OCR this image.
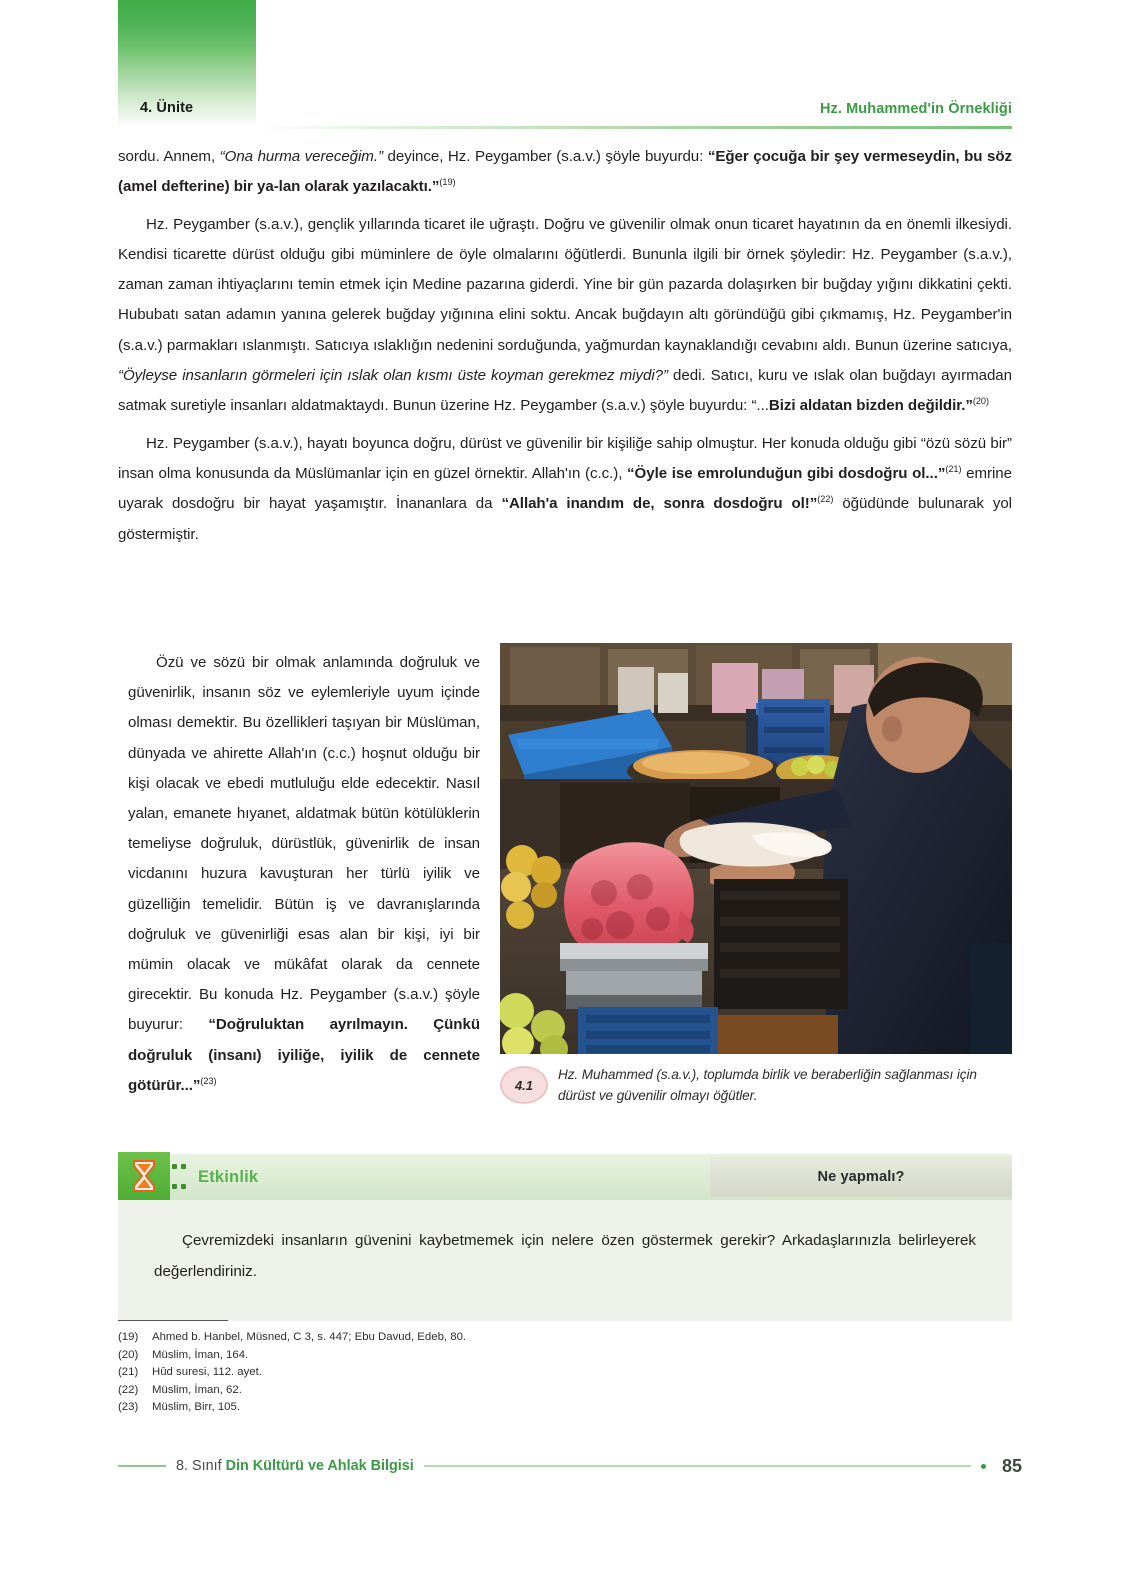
4. Ünite	Hz. Muhammed'in Örnekliği

sordu. Annem, “Ona hurma vereceğim.” deyince, Hz. Peygamber (s.a.v.) şöyle buyurdu: “Eğer çocuğa bir şey vermeseydin, bu söz (amel defterine) bir ya-lan olarak yazılacaktı.”$^{(19)}$

Hz. Peygamber (s.a.v.), gençlik yıllarında ticaret ile uğraştı. Doğru ve güvenilir olmak onun ticaret hayatının da en önemli ilkesiydi. Kendisi ticarette dürüst olduğu gibi müminlere de öyle olmalarını öğütlerdi. Bununla ilgili bir örnek şöyledir: Hz. Peygamber (s.a.v.), zaman zaman ihtiyaçlarını temin etmek için Medine pazarına giderdi. Yine bir gün pazarda dolaşırken bir buğday yığını dikkatini çekti. Hububatı satan adamın yanına gelerek buğday yığınına elini soktu. Ancak buğdayın altı göründüğü gibi çıkmamış, Hz. Peygamber'in (s.a.v.) parmakları ıslanmıştı. Satıcıya ıslaklığın nedenini sorduğunda, yağmurdan kaynaklandığı cevabını aldı. Bunun üzerine satıcıya, “Öyleyse insanların görmeleri için ıslak olan kısmı üste koyman gerekmez miydi?” dedi. Satıcı, kuru ve ıslak olan buğdayı ayırmadan satmak suretiyle insanları aldatmaktaydı. Bunun üzerine Hz. Peygamber (s.a.v.) şöyle buyurdu: “...Bizi aldatan bizden değildir.”$^{(20)}$

Hz. Peygamber (s.a.v.), hayatı boyunca doğru, dürüst ve güvenilir bir kişiliğe sahip olmuştur. Her konuda olduğu gibi “özü sözü bir” insan olma konusunda da Müslümanlar için en güzel örnektir. Allah'ın (c.c.), “Öyle ise emrolunduğun gibi dosdoğru ol...”$^{(21)}$ emrine uyarak dosdoğru bir hayat yaşamıştır. İnananlara da “Allah'a inandım de, sonra dosdoğru ol!”$^{(22)}$ öğüdünde bulunarak yol göstermiştir.

Özü ve sözü bir olmak anlamında doğruluk ve güvenirlik, insanın söz ve eylemleriyle uyum içinde olması demektir. Bu özellikleri taşıyan bir Müslüman, dünyada ve ahirette Allah'ın (c.c.) hoşnut olduğu bir kişi olacak ve ebedi mutluluğu elde edecektir. Nasıl yalan, emanete hıyanet, aldatmak bütün kötülüklerin temeliyse doğruluk, dürüstlük, güvenirlik de insan vicdanını huzura kavuşturan her türlü iyilik ve güzelliğin temelidir. Bütün iş ve davranışlarında doğruluk ve güvenirliği esas alan bir kişi, iyi bir mümin olacak ve mükâfat olarak da cennete girecektir. Bu konuda Hz. Peygamber (s.a.v.) şöyle buyurur: “Doğruluktan ayrılmayın. Çünkü doğruluk (insanı) iyiliğe, iyilik de cennete götürür...”$^{(23)}$	4.1
Hz. Muhammed (s.a.v.), toplumda birlik ve beraberliğin sağlanması için dürüst ve güvenilir olmayı öğütler.
Etkinlik	Ne yapmalı?

Çevremizdeki insanların güvenini kaybetmemek için nelere özen göstermek gerekir? Arkadaşlarınızla belirleyerek değerlendiriniz.

(19) Ahmed b. Hanbel, Müsned, C 3, s. 447; Ebu Davud, Edeb, 80.
(20) Müslim, İman, 164.
(21) Hûd suresi, 112. ayet.
(22) Müslim, İman, 62.
(23) Müslim, Birr, 105.
8. Sınıf Din Kültürü ve Ahlak Bilgisi	85
